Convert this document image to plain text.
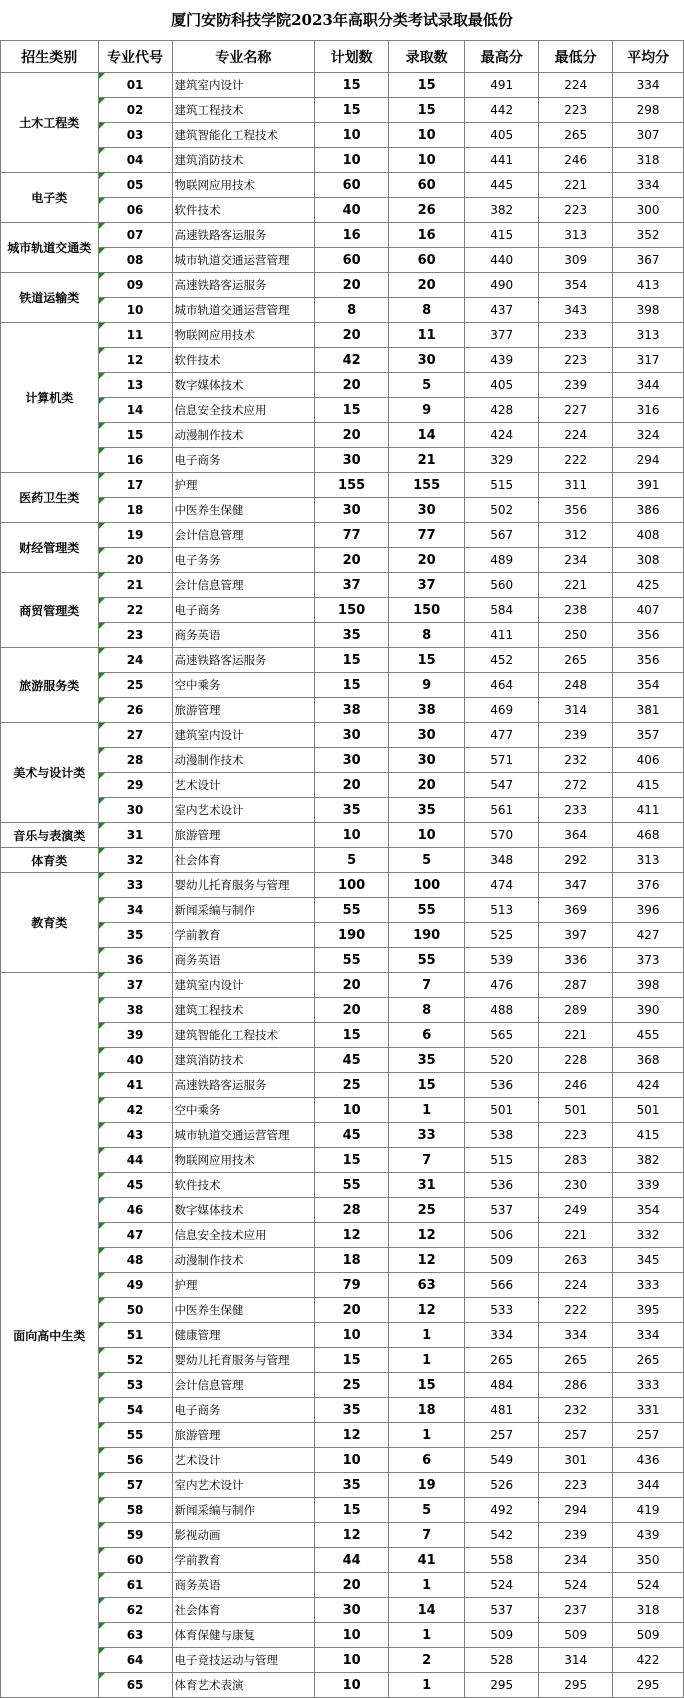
厦门安防科技学院2023年高职分类考试录取最低份
招生类别	专业代号	专业名称	计划数	录取数	最高分	最低分	平均分
土木工程类	01	建筑室内设计	15	15	491	224	334
	02	建筑工程技术	15	15	442	223	298
	03	建筑智能化工程技术	10	10	405	265	307
	04	建筑消防技术	10	10	441	246	318
电子类	05	物联网应用技术	60	60	445	221	334
	06	软件技术	40	26	382	223	300
城市轨道交通类	07	高速铁路客运服务	16	16	415	313	352
	08	城市轨道交通运营管理	60	60	440	309	367
铁道运输类	09	高速铁路客运服务	20	20	490	354	413
	10	城市轨道交通运营管理	8	8	437	343	398
计算机类	11	物联网应用技术	20	11	377	233	313
	12	软件技术	42	30	439	223	317
	13	数字媒体技术	20	5	405	239	344
	14	信息安全技术应用	15	9	428	227	316
	15	动漫制作技术	20	14	424	224	324
	16	电子商务	30	21	329	222	294
医药卫生类	17	护理	155	155	515	311	391
	18	中医养生保健	30	30	502	356	386
财经管理类	19	会计信息管理	77	77	567	312	408
	20	电子务务	20	20	489	234	308
商贸管理类	21	会计信息管理	37	37	560	221	425
	22	电子商务	150	150	584	238	407
	23	商务英语	35	8	411	250	356
旅游服务类	24	高速铁路客运服务	15	15	452	265	356
	25	空中乘务	15	9	464	248	354
	26	旅游管理	38	38	469	314	381
美术与设计类	27	建筑室内设计	30	30	477	239	357
	28	动漫制作技术	30	30	571	232	406
	29	艺术设计	20	20	547	272	415
	30	室内艺术设计	35	35	561	233	411
音乐与表演类	31	旅游管理	10	10	570	364	468
体育类	32	社会体育	5	5	348	292	313
教育类	33	婴幼儿托育服务与管理	100	100	474	347	376
	34	新闻采编与制作	55	55	513	369	396
	35	学前教育	190	190	525	397	427
	36	商务英语	55	55	539	336	373
面向高中生类	37	建筑室内设计	20	7	476	287	398
	38	建筑工程技术	20	8	488	289	390
	39	建筑智能化工程技术	15	6	565	221	455
	40	建筑消防技术	45	35	520	228	368
	41	高速铁路客运服务	25	15	536	246	424
	42	空中乘务	10	1	501	501	501
	43	城市轨道交通运营管理	45	33	538	223	415
	44	物联网应用技术	15	7	515	283	382
	45	软件技术	55	31	536	230	339
	46	数字媒体技术	28	25	537	249	354
	47	信息安全技术应用	12	12	506	221	332
	48	动漫制作技术	18	12	509	263	345
	49	护理	79	63	566	224	333
	50	中医养生保健	20	12	533	222	395
	51	健康管理	10	1	334	334	334
	52	婴幼儿托育服务与管理	15	1	265	265	265
	53	会计信息管理	25	15	484	286	333
	54	电子商务	35	18	481	232	331
	55	旅游管理	12	1	257	257	257
	56	艺术设计	10	6	549	301	436
	57	室内艺术设计	35	19	526	223	344
	58	新闻采编与制作	15	5	492	294	419
	59	影视动画	12	7	542	239	439
	60	学前教育	44	41	558	234	350
	61	商务英语	20	1	524	524	524
	62	社会体育	30	14	537	237	318
	63	体育保健与康复	10	1	509	509	509
	64	电子竞技运动与管理	10	2	528	314	422
	65	体育艺术表演	10	1	295	295	295
